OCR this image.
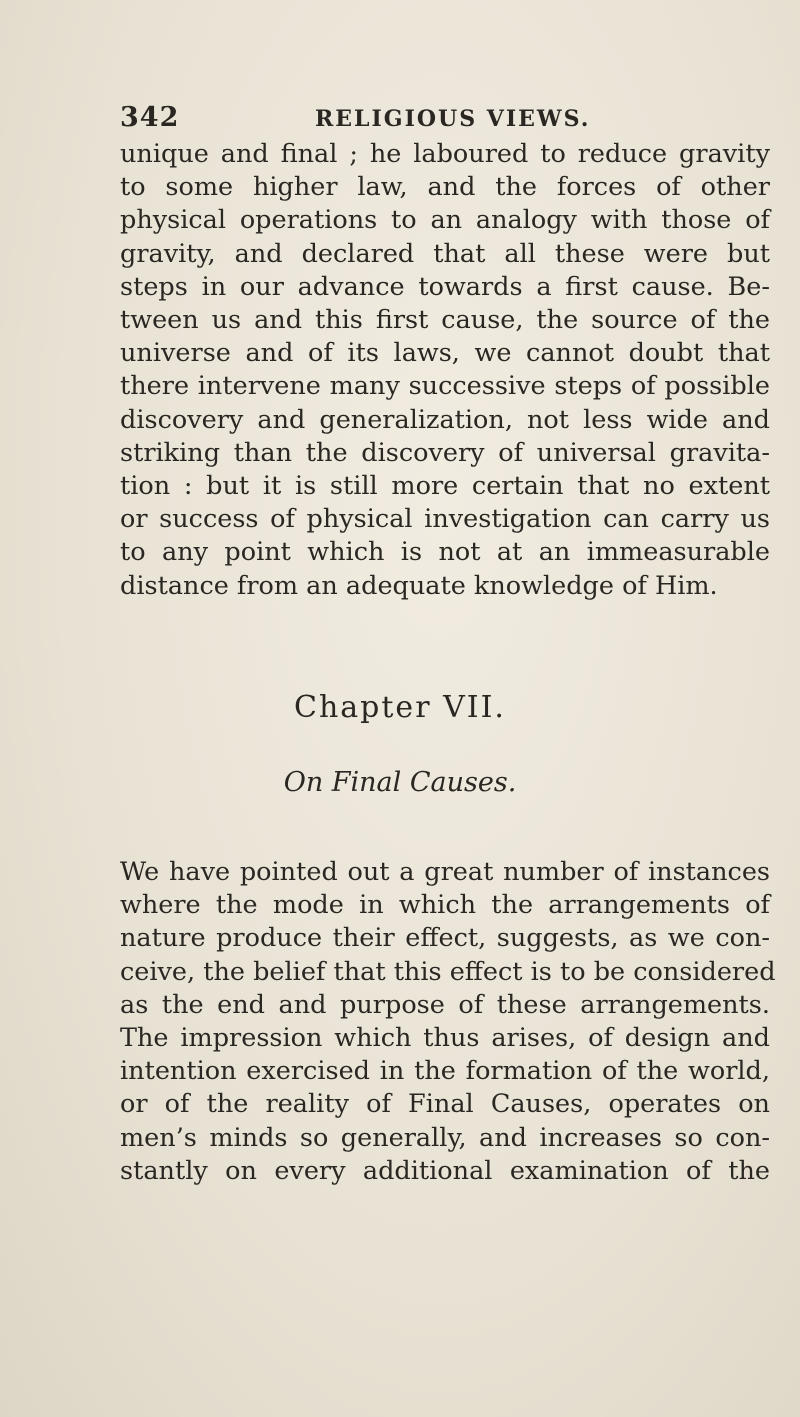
342	RELIGIOUS VIEWS.
unique and final ; he laboured to reduce gravity
to some higher law, and the forces of other
physical operations to an analogy with those of
gravity, and declared that all these were but
steps in our advance towards a first cause. Be-
tween us and this first cause, the source of the
universe and of its laws, we cannot doubt that
there intervene many successive steps of possible
discovery and generalization, not less wide and
striking than the discovery of universal gravita-
tion : but it is still more certain that no extent
or success of physical investigation can carry us
to any point which is not at an immeasurable
distance from an adequate knowledge of Him.
Chapter VII.
On Final Causes.
We have pointed out a great number of instances
where the mode in which the arrangements of
nature produce their effect, suggests, as we con-
ceive, the belief that this effect is to be considered
as the end and purpose of these arrangements.
The impression which thus arises, of design and
intention exercised in the formation of the world,
or of the reality of Final Causes, operates on
men’s minds so generally, and increases so con-
stantly on every additional examination of the
